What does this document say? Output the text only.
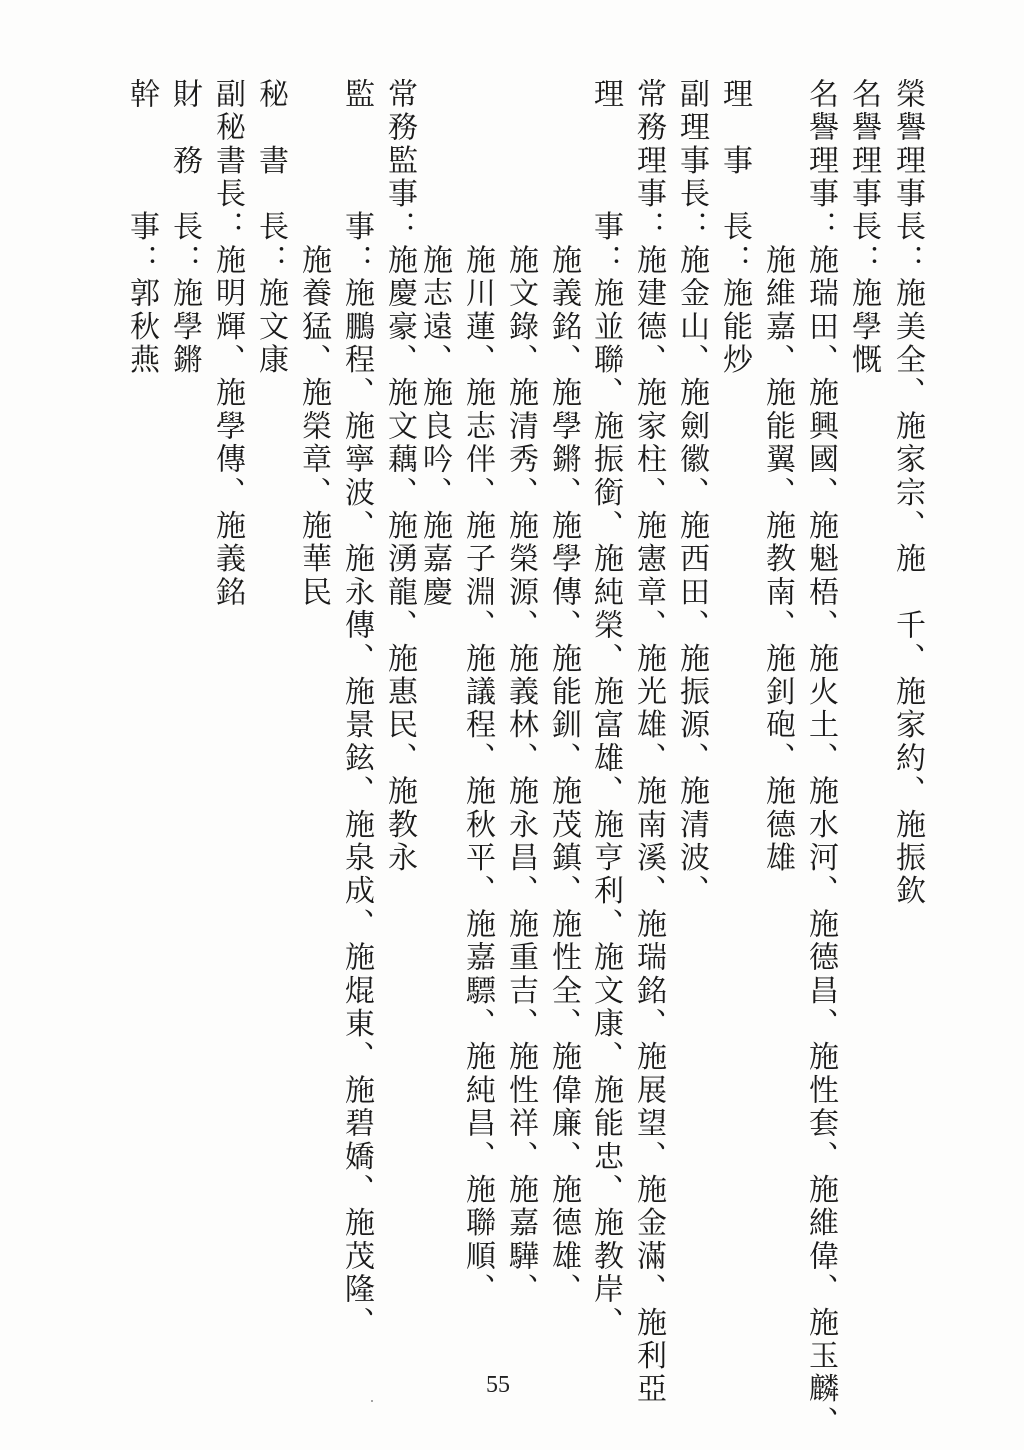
榮譽理事長：施美全、施家宗、施　千、施家約、施振欽
名譽理事長：施學慨
名譽理事：施瑞田、施興國、施魁梧、施火土、施水河、施德昌、施性套、施維偉、施玉麟、
　　　　　施維嘉、施能翼、施教南、施釗砲、施德雄
理　事　長：施能炒
副理事長：施金山、施劍徽、施西田、施振源、施清波、
常務理事：施建德、施家柱、施憲章、施光雄、施南溪、施瑞銘、施展望、施金滿、施利亞
理　　　事：施並聯、施振銜、施純榮、施富雄、施亨利、施文康、施能忠、施教岸、
　　　　　施義銘、施學鏘、施學傳、施能釧、施茂鎮、施性全、施偉廉、施德雄、
　　　　　施文錄、施清秀、施榮源、施義林、施永昌、施重吉、施性祥、施嘉驊、
　　　　　施川蓮、施志伴、施子淵、施議程、施秋平、施嘉驃、施純昌、施聯順、
　　　　　施志遠、施良吟、施嘉慶
常務監事：施慶豪、施文藕、施湧龍、施惠民、施教永
監　　　事：施鵬程、施寧波、施永傳、施景鉉、施泉成、施焜東、施碧嬌、施茂隆、
　　　　　施養猛、施榮章、施華民
秘　書　長：施文康
副秘書長：施明輝、施學傳、施義銘
財　務　長：施學鏘
幹　　　事：郭秋燕
55
